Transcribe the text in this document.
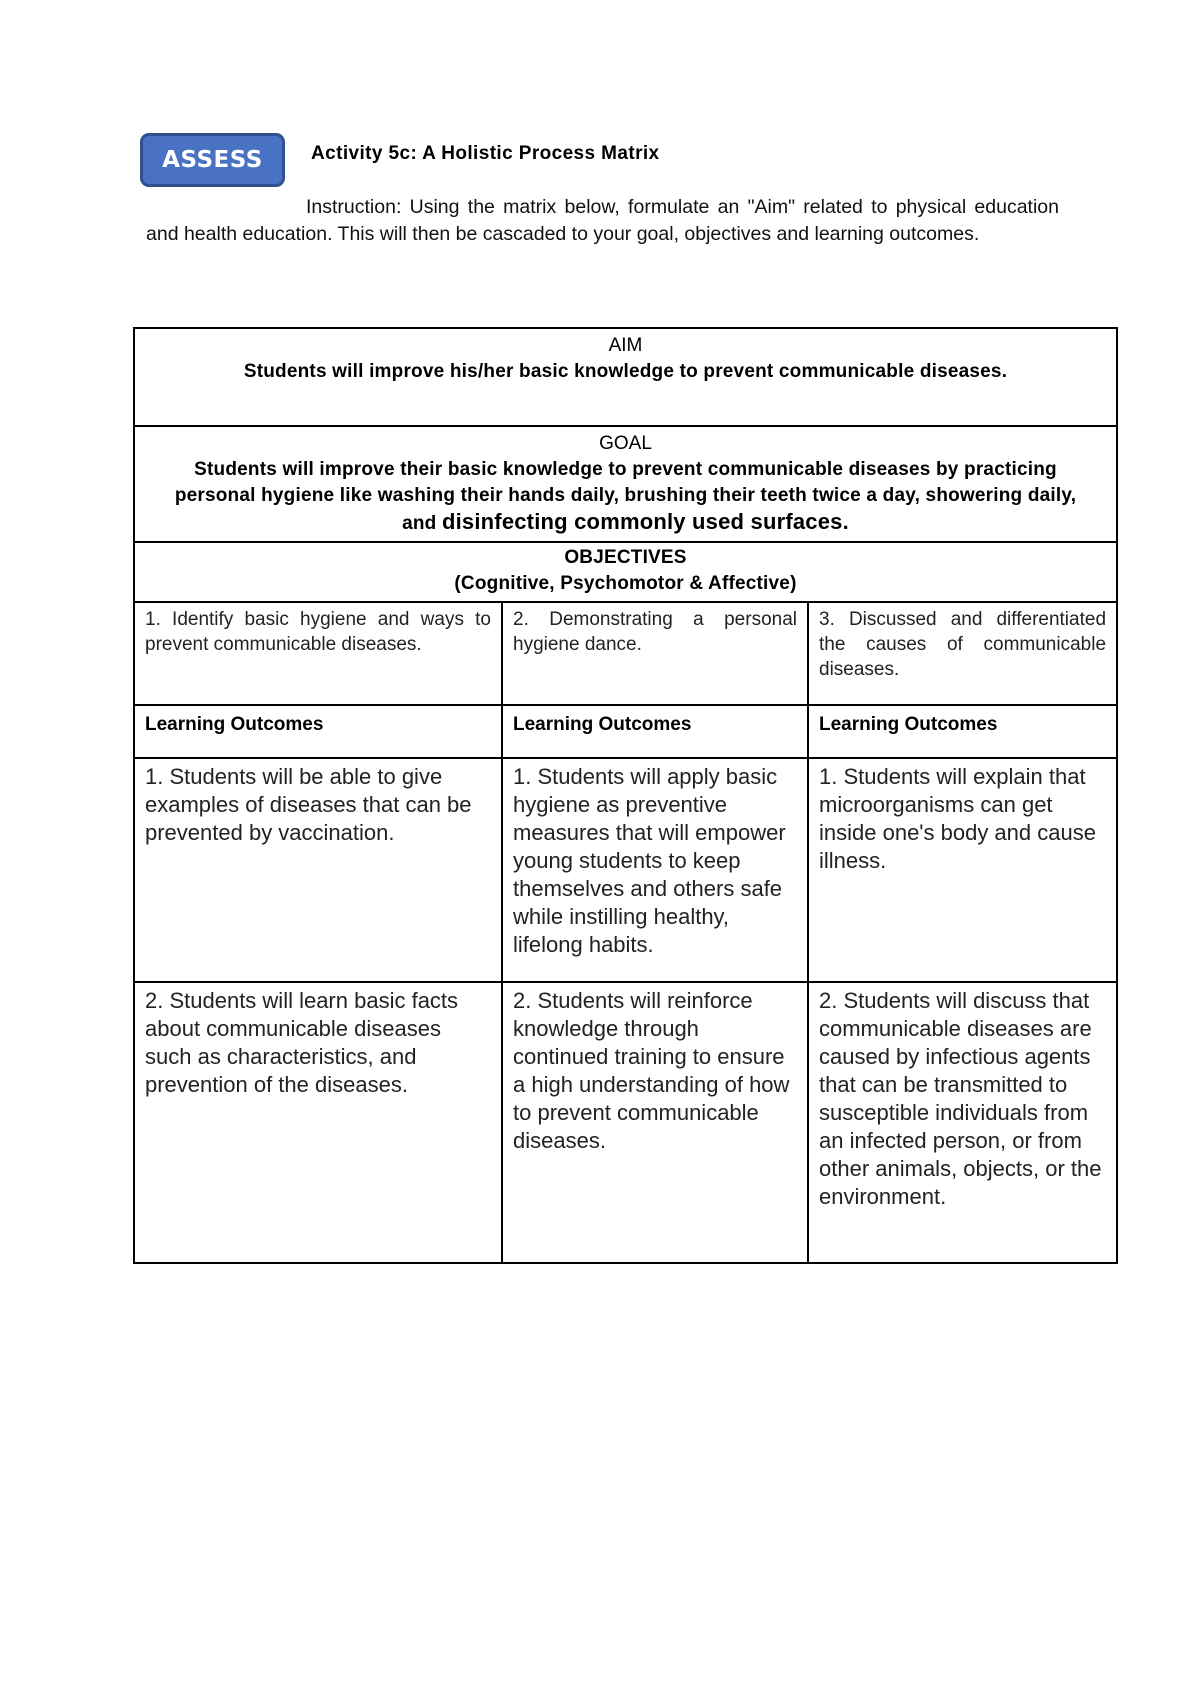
ASSESS	Activity 5c: A Holistic Process Matrix
Instruction: Using the matrix below, formulate an "Aim" related to physical education and health education. This will then be cascaded to your goal, objectives and learning outcomes.
AIM
Students will improve his/her basic knowledge to prevent communicable diseases.		

GOAL
Students will improve their basic knowledge to prevent communicable diseases by practicing personal hygiene like washing their hands daily, brushing their teeth twice a day, showering daily, and disinfecting commonly used surfaces.		

OBJECTIVES
(Cognitive, Psychomotor & Affective)		

1. Identify basic hygiene and ways to prevent communicable diseases.	2. Demonstrating a personal hygiene dance.	3. Discussed and differentiated the causes of communicable diseases.
Learning Outcomes	Learning Outcomes	Learning Outcomes
1. Students will be able to give examples of diseases that can be prevented by vaccination.	1. Students will apply basic hygiene as preventive measures that will empower young students to keep themselves and others safe while instilling healthy, lifelong habits.	1. Students will explain that microorganisms can get inside one's body and cause illness.
2. Students will learn basic facts about communicable diseases such as characteristics, and prevention of the diseases.	2. Students will reinforce knowledge through continued training to ensure a high understanding of how to prevent communicable diseases.	2. Students will discuss that communicable diseases are caused by infectious agents that can be transmitted to susceptible individuals from an infected person, or from other animals, objects, or the environment.
